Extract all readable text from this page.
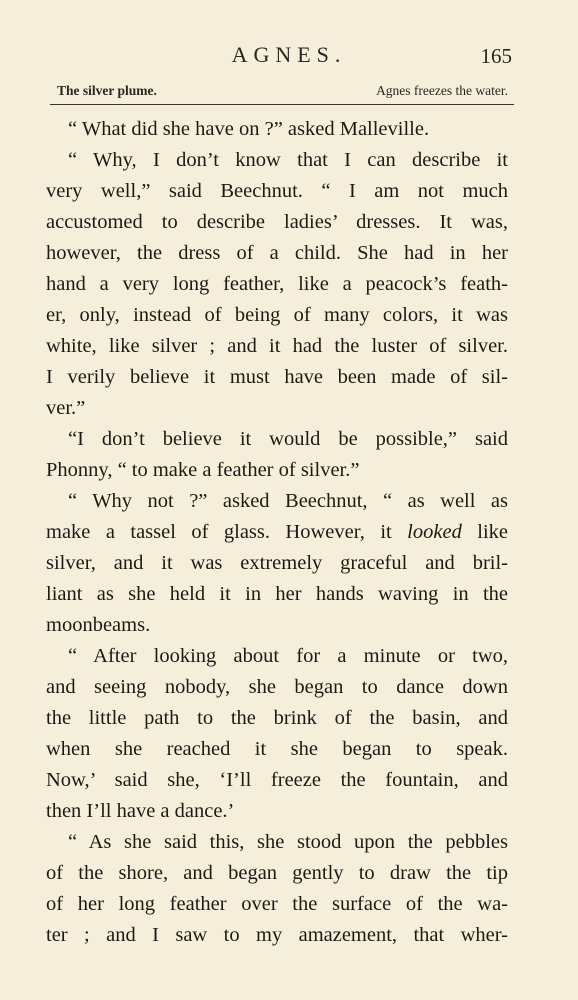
AGNES.	165
The silver plume.	Agnes freezes the water.
“ What did she have on ?” asked Malleville.
“ Why, I don’t know that I can describe it
very well,” said Beechnut. “ I am not much
accustomed to describe ladies’ dresses. It was,
however, the dress of a child. She had in her
hand a very long feather, like a peacock’s feath-
er, only, instead of being of many colors, it was
white, like silver ; and it had the luster of silver.
I verily believe it must have been made of sil-
ver.”
“I don’t believe it would be possible,” said
Phonny, “ to make a feather of silver.”
“ Why not ?” asked Beechnut, “ as well as
make a tassel of glass. However, it looked like
silver, and it was extremely graceful and bril-
liant as she held it in her hands waving in the
moonbeams.
“ After looking about for a minute or two,
and seeing nobody, she began to dance down
the little path to the brink of the basin, and
when she reached it she began to speak.
Now,’ said she, ‘I’ll freeze the fountain, and
then I’ll have a dance.’
“ As she said this, she stood upon the pebbles
of the shore, and began gently to draw the tip
of her long feather over the surface of the wa-
ter ; and I saw to my amazement, that wher-
